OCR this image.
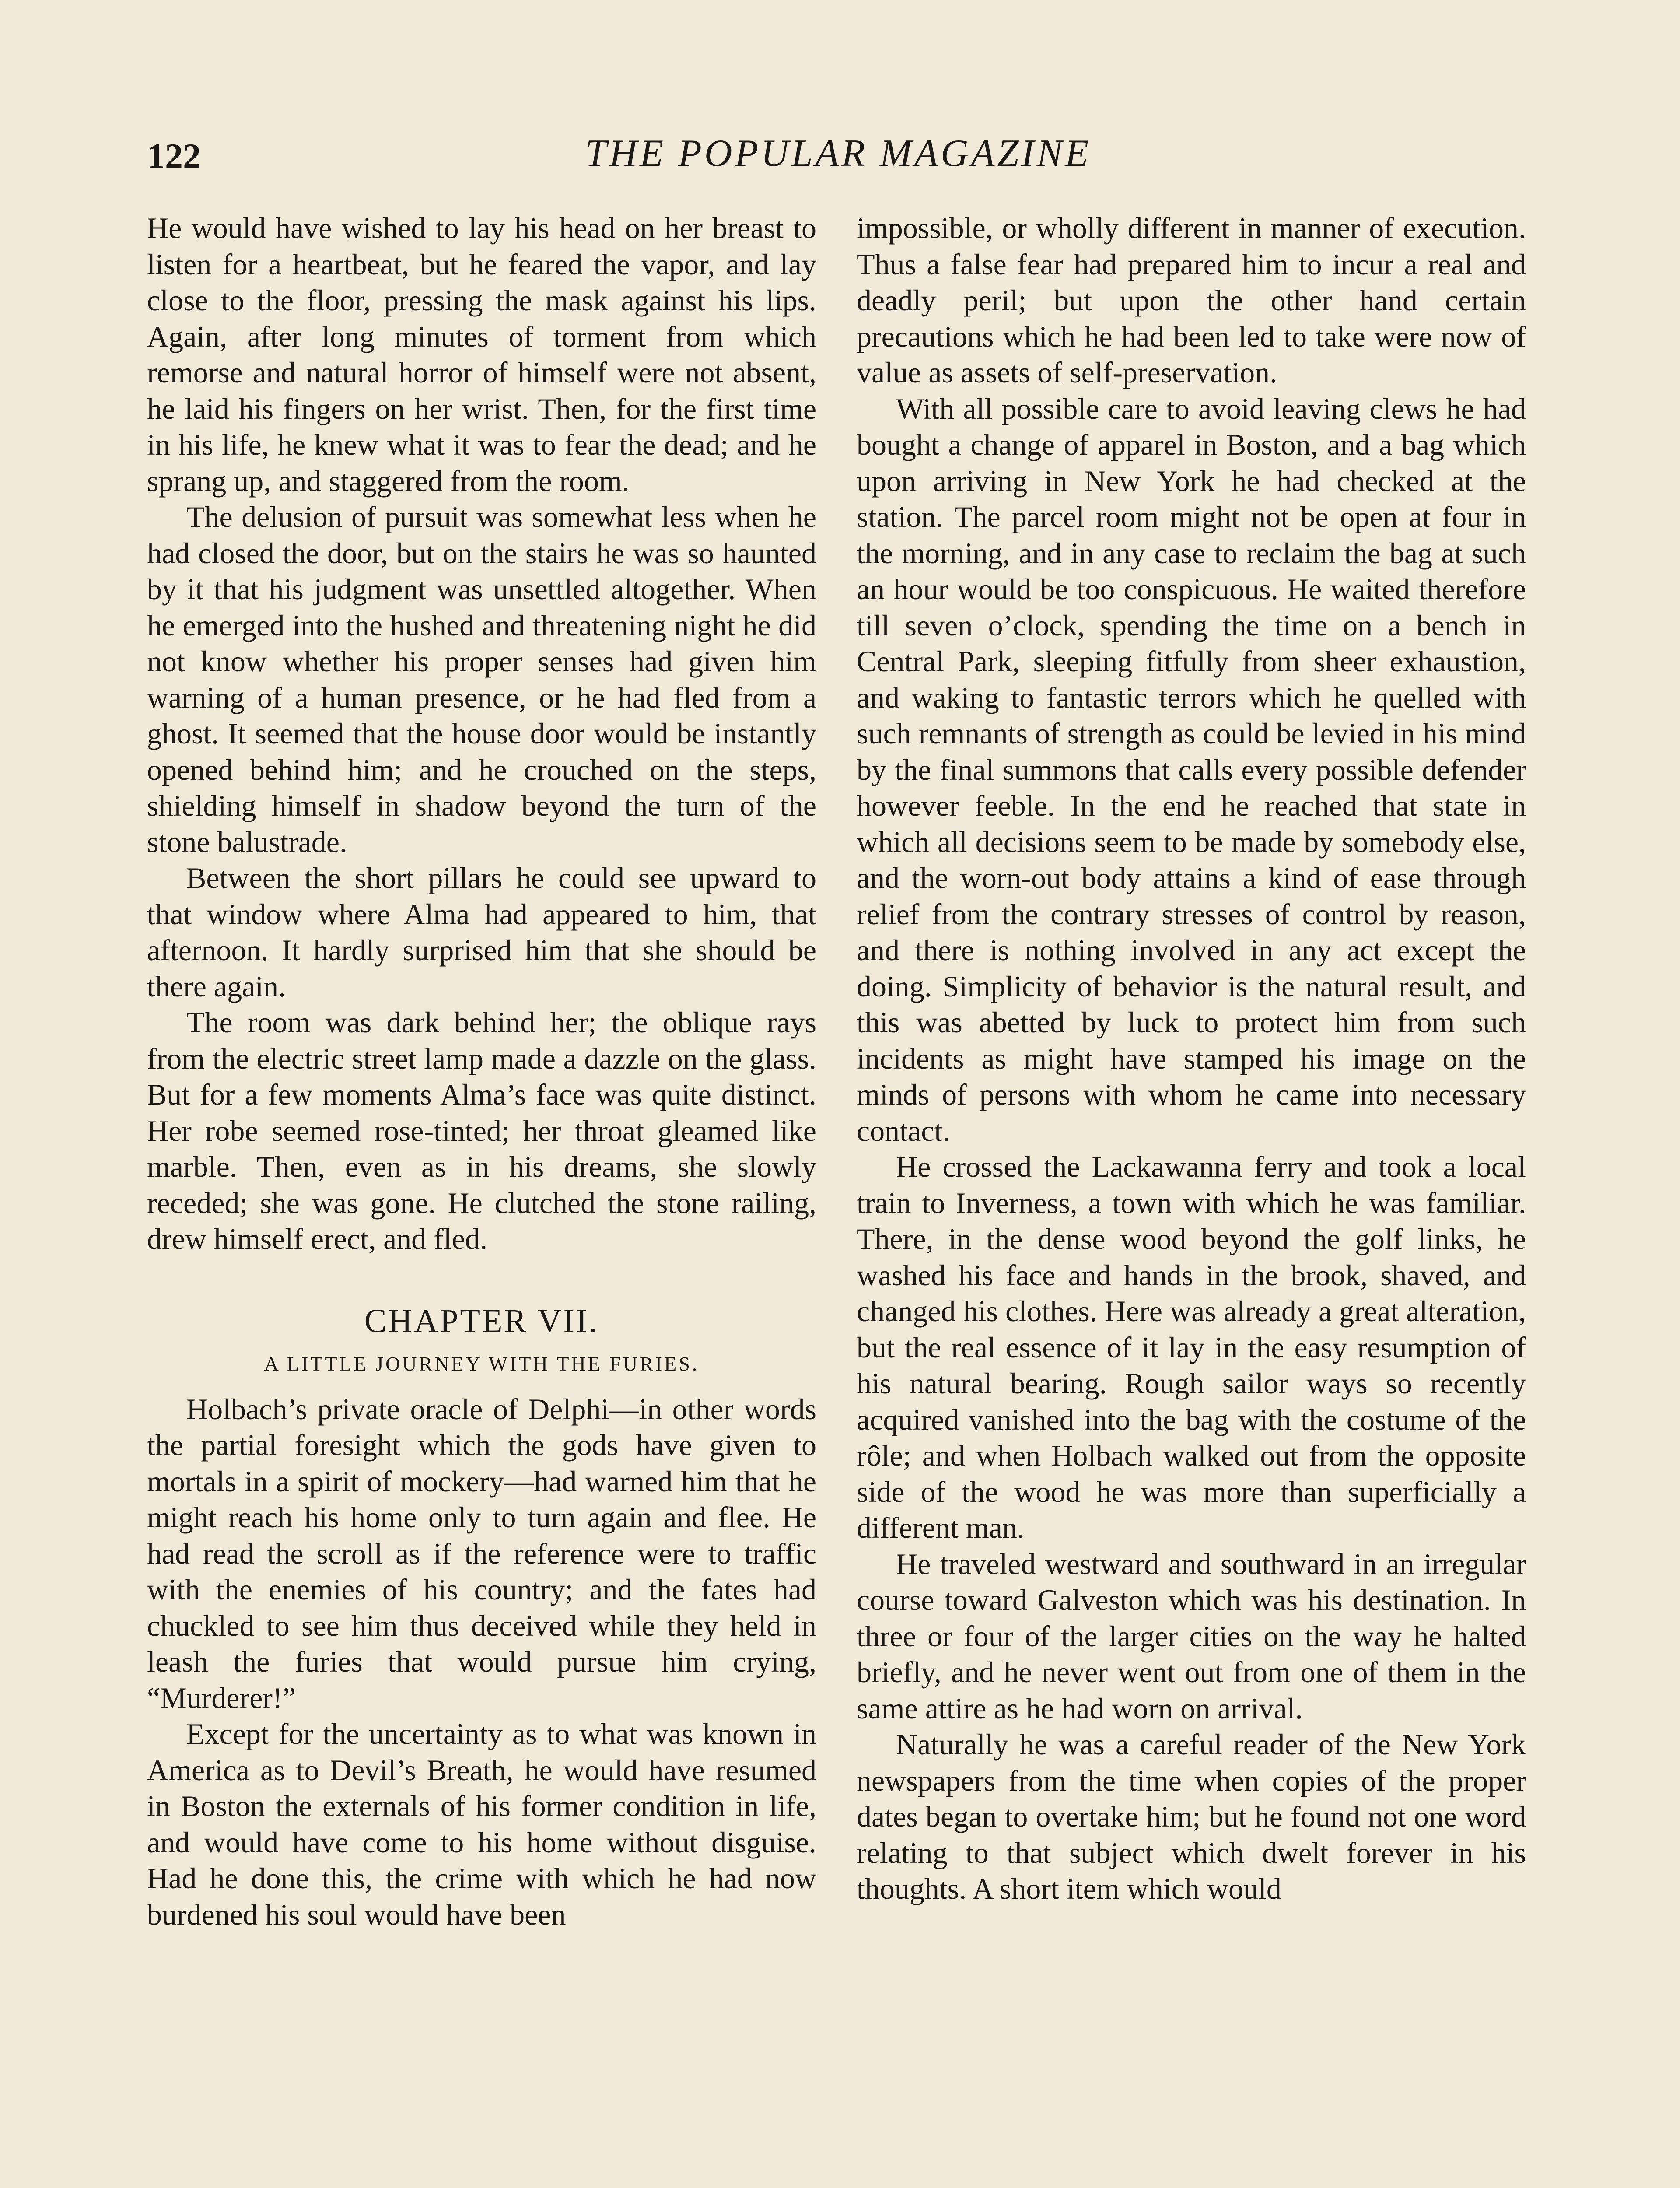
122	THE POPULAR MAGAZINE

He would have wished to lay his head on her breast to listen for a heartbeat, but he feared the vapor, and lay close to the floor, pressing the mask against his lips. Again, after long minutes of torment from which remorse and natural horror of himself were not absent, he laid his fingers on her wrist. Then, for the first time in his life, he knew what it was to fear the dead; and he sprang up, and staggered from the room.

The delusion of pursuit was somewhat less when he had closed the door, but on the stairs he was so haunted by it that his judgment was unsettled altogether. When he emerged into the hushed and threatening night he did not know whether his proper senses had given him warning of a human presence, or he had fled from a ghost. It seemed that the house door would be instantly opened behind him; and he crouched on the steps, shielding himself in shadow beyond the turn of the stone balustrade.

Between the short pillars he could see upward to that window where Alma had appeared to him, that afternoon. It hardly surprised him that she should be there again.

The room was dark behind her; the oblique rays from the electric street lamp made a dazzle on the glass. But for a few moments Alma’s face was quite distinct. Her robe seemed rose-tinted; her throat gleamed like marble. Then, even as in his dreams, she slowly receded; she was gone. He clutched the stone railing, drew himself erect, and fled.

CHAPTER VII.
A LITTLE JOURNEY WITH THE FURIES.

Holbach’s private oracle of Delphi—in other words the partial foresight which the gods have given to mortals in a spirit of mockery—had warned him that he might reach his home only to turn again and flee. He had read the scroll as if the reference were to traffic with the enemies of his country; and the fates had chuckled to see him thus deceived while they held in leash the furies that would pursue him crying, “Murderer!”

Except for the uncertainty as to what was known in America as to Devil’s Breath, he would have resumed in Boston the externals of his former condition in life, and would have come to his home without disguise. Had he done this, the crime with which he had now burdened his soul would have been

impossible, or wholly different in manner of execution. Thus a false fear had prepared him to incur a real and deadly peril; but upon the other hand certain precautions which he had been led to take were now of value as assets of self-preservation.

With all possible care to avoid leaving clews he had bought a change of apparel in Boston, and a bag which upon arriving in New York he had checked at the station. The parcel room might not be open at four in the morning, and in any case to reclaim the bag at such an hour would be too conspicuous. He waited therefore till seven o’clock, spending the time on a bench in Central Park, sleeping fitfully from sheer exhaustion, and waking to fantastic terrors which he quelled with such remnants of strength as could be levied in his mind by the final summons that calls every possible defender however feeble. In the end he reached that state in which all decisions seem to be made by somebody else, and the worn-out body attains a kind of ease through relief from the contrary stresses of control by reason, and there is nothing involved in any act except the doing. Simplicity of behavior is the natural result, and this was abetted by luck to protect him from such incidents as might have stamped his image on the minds of persons with whom he came into necessary contact.

He crossed the Lackawanna ferry and took a local train to Inverness, a town with which he was familiar. There, in the dense wood beyond the golf links, he washed his face and hands in the brook, shaved, and changed his clothes. Here was already a great alteration, but the real essence of it lay in the easy resumption of his natural bearing. Rough sailor ways so recently acquired vanished into the bag with the costume of the rôle; and when Holbach walked out from the opposite side of the wood he was more than superficially a different man.

He traveled westward and southward in an irregular course toward Galveston which was his destination. In three or four of the larger cities on the way he halted briefly, and he never went out from one of them in the same attire as he had worn on arrival.

Naturally he was a careful reader of the New York newspapers from the time when copies of the proper dates began to overtake him; but he found not one word relating to that subject which dwelt forever in his thoughts. A short item which would
